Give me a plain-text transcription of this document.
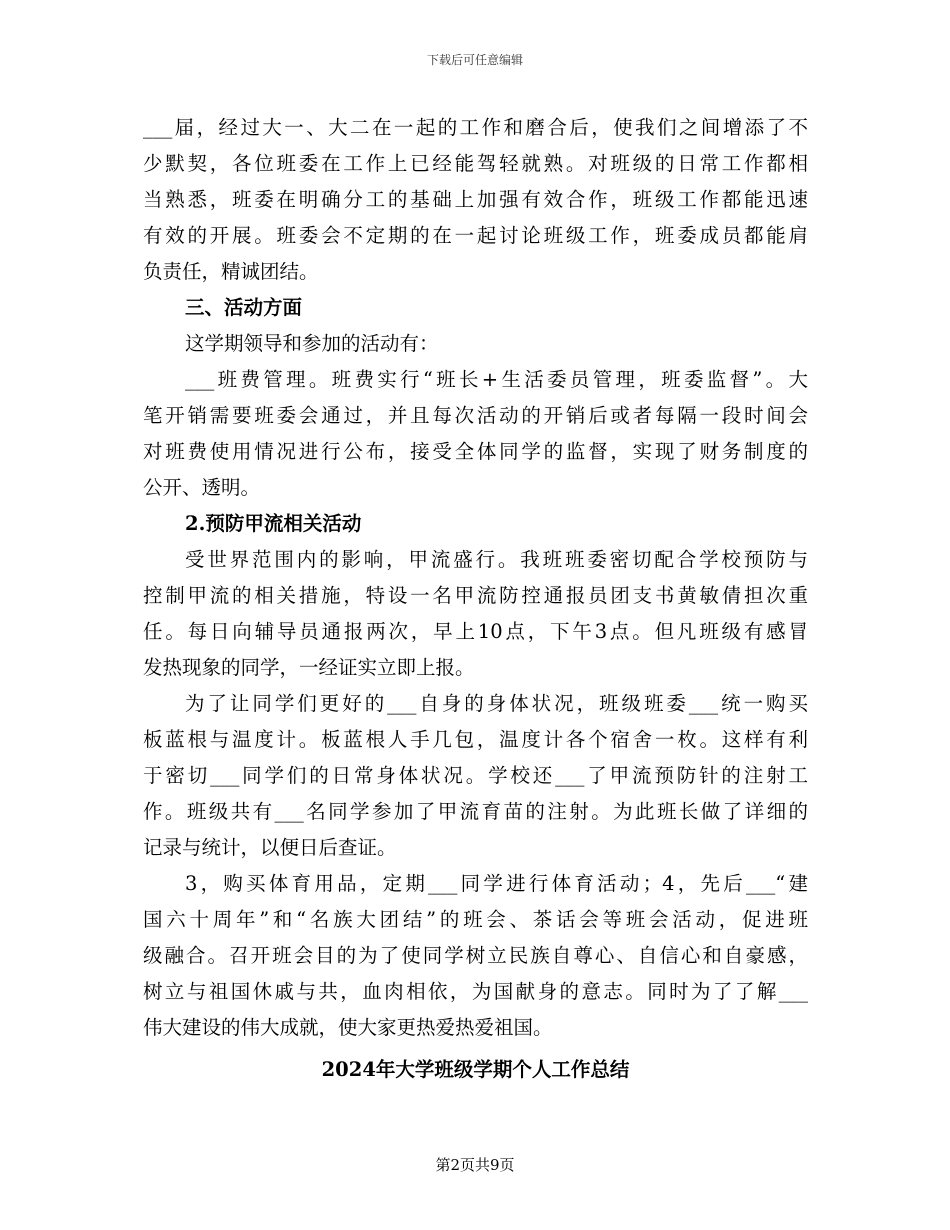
下载后可任意编辑
___届，经过大一、大二在一起的工作和磨合后，使我们之间增添了不
少默契，各位班委在工作上已经能驾轻就熟。对班级的日常工作都相
当熟悉，班委在明确分工的基础上加强有效合作，班级工作都能迅速
有效的开展。班委会不定期的在一起讨论班级工作，班委成员都能肩
负责任，精诚团结。
三、活动方面
这学期领导和参加的活动有：
___班费管理。班费实行“班长+生活委员管理，班委监督”。大
笔开销需要班委会通过，并且每次活动的开销后或者每隔一段时间会
对班费使用情况进行公布，接受全体同学的监督，实现了财务制度的
公开、透明。
2.预防甲流相关活动
受世界范围内的影响，甲流盛行。我班班委密切配合学校预防与
控制甲流的相关措施，特设一名甲流防控通报员团支书黄敏倩担次重
任。每日向辅导员通报两次，早上10点，下午3点。但凡班级有感冒
发热现象的同学，一经证实立即上报。
为了让同学们更好的___自身的身体状况，班级班委___统一购买
板蓝根与温度计。板蓝根人手几包，温度计各个宿舍一枚。这样有利
于密切___同学们的日常身体状况。学校还___了甲流预防针的注射工
作。班级共有___名同学参加了甲流育苗的注射。为此班长做了详细的
记录与统计，以便日后查证。
3，购买体育用品，定期___同学进行体育活动；4，先后___“建
国六十周年”和“名族大团结”的班会、茶话会等班会活动，促进班
级融合。召开班会目的为了使同学树立民族自尊心、自信心和自豪感，
树立与祖国休戚与共，血肉相依，为国献身的意志。同时为了了解___
伟大建设的伟大成就，使大家更热爱热爱祖国。
2024年大学班级学期个人工作总结
第2页共9页
